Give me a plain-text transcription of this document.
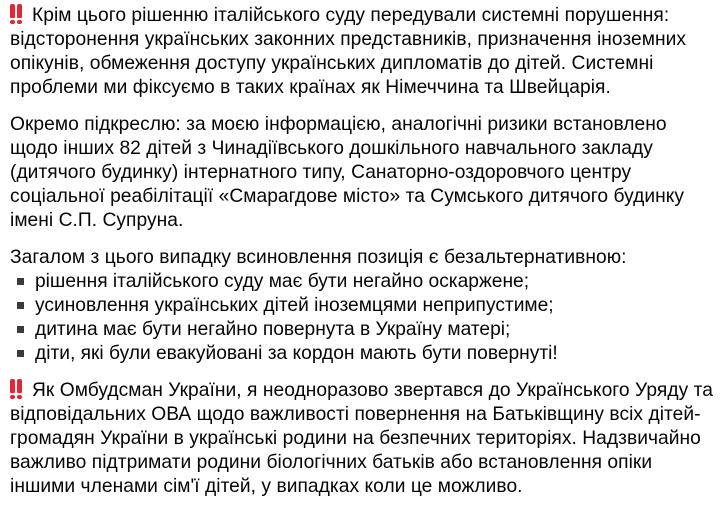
Крім цього рішенню італійського суду передували системні порушення: відсторонення українських законних представників, призначення іноземних опікунів, обмеження доступу українських дипломатів до дітей. Системні проблеми ми фіксуємо в таких країнах як Німеччина та Швейцарія.

Окремо підкреслю: за моєю інформацією, аналогічні ризики встановлено щодо інших 82 дітей з Чинадіївського дошкільного навчального закладу (дитячого будинку) інтернатного типу, Санаторно-оздоровчого центру соціальної реабілітації «Смарагдове місто» та Сумського дитячого будинку імені С.П. Супруна.

Загалом з цього випадку всиновлення позиція є безальтернативною:

рішення італійського суду має бути негайно оскаржене;
усиновлення українських дітей іноземцями неприпустиме;
дитина має бути негайно повернута в Україну матері;
діти, які були евакуйовані за кордон мають бути повернуті!

Як Омбудсман України, я неодноразово звертався до Українського Уряду та відповідальних ОВА щодо важливості повернення на Батьківщину всіх дітей-громадян України в українські родини на безпечних територіях. Надзвичайно важливо підтримати родини біологічних батьків або встановлення опіки іншими членами сім'ї дітей, у випадках коли це можливо.
